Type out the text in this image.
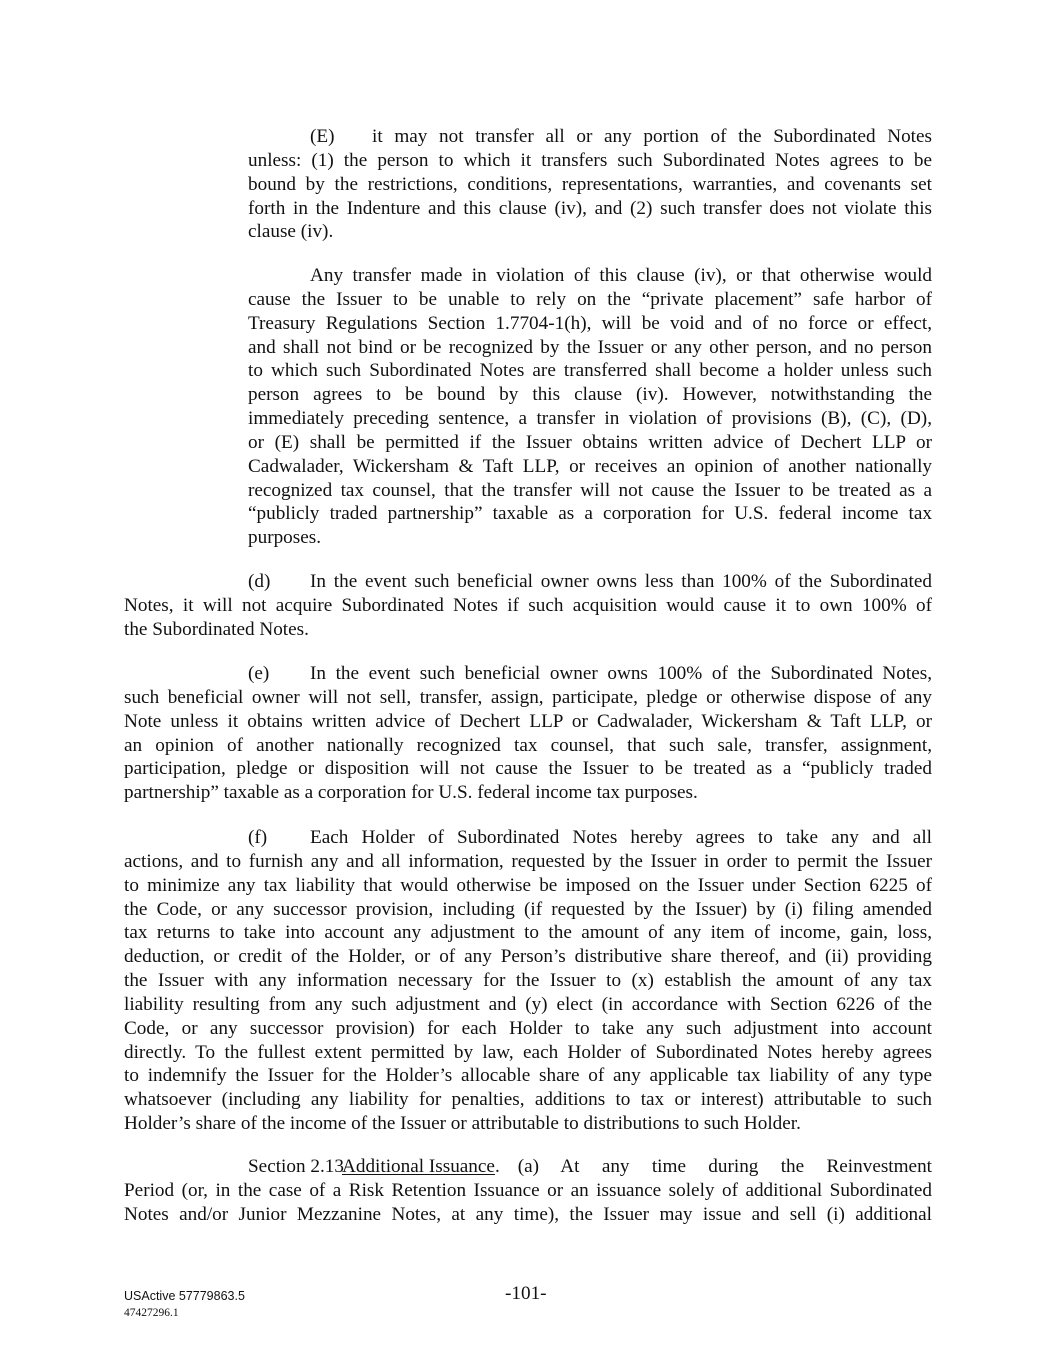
(E)	it may not transfer all or any portion of the Subordinated Notes
unless: (1) the person to which it transfers such Subordinated Notes agrees to be
bound by the restrictions, conditions, representations, warranties, and covenants set
forth in the Indenture and this clause (iv), and (2) such transfer does not violate this
clause (iv).
Any transfer made in violation of this clause (iv), or that otherwise would
cause the Issuer to be unable to rely on the “private placement” safe harbor of
Treasury Regulations Section 1.7704-1(h), will be void and of no force or effect,
and shall not bind or be recognized by the Issuer or any other person, and no person
to which such Subordinated Notes are transferred shall become a holder unless such
person agrees to be bound by this clause (iv). However, notwithstanding the
immediately preceding sentence, a transfer in violation of provisions (B), (C), (D),
or (E) shall be permitted if the Issuer obtains written advice of Dechert LLP or
Cadwalader, Wickersham & Taft LLP, or receives an opinion of another nationally
recognized tax counsel, that the transfer will not cause the Issuer to be treated as a
“publicly traded partnership” taxable as a corporation for U.S. federal income tax
purposes.
(d)	In the event such beneficial owner owns less than 100% of the Subordinated
Notes, it will not acquire Subordinated Notes if such acquisition would cause it to own 100% of
the Subordinated Notes.
(e)	In the event such beneficial owner owns 100% of the Subordinated Notes,
such beneficial owner will not sell, transfer, assign, participate, pledge or otherwise dispose of any
Note unless it obtains written advice of Dechert LLP or Cadwalader, Wickersham & Taft LLP, or
an opinion of another nationally recognized tax counsel, that such sale, transfer, assignment,
participation, pledge or disposition will not cause the Issuer to be treated as a “publicly traded
partnership” taxable as a corporation for U.S. federal income tax purposes.
(f)	Each Holder of Subordinated Notes hereby agrees to take any and all
actions, and to furnish any and all information, requested by the Issuer in order to permit the Issuer
to minimize any tax liability that would otherwise be imposed on the Issuer under Section 6225 of
the Code, or any successor provision, including (if requested by the Issuer) by (i) filing amended
tax returns to take into account any adjustment to the amount of any item of income, gain, loss,
deduction, or credit of the Holder, or of any Person’s distributive share thereof, and (ii) providing
the Issuer with any information necessary for the Issuer to (x) establish the amount of any tax
liability resulting from any such adjustment and (y) elect (in accordance with Section 6226 of the
Code, or any successor provision) for each Holder to take any such adjustment into account
directly. To the fullest extent permitted by law, each Holder of Subordinated Notes hereby agrees
to indemnify the Issuer for the Holder’s allocable share of any applicable tax liability of any type
whatsoever (including any liability for penalties, additions to tax or interest) attributable to such
Holder’s share of the income of the Issuer or attributable to distributions to such Holder.
Section 2.13
Additional Issuance . (a) At any time during the Reinvestment
Period (or, in the case of a Risk Retention Issuance or an issuance solely of additional Subordinated
Notes and/or Junior Mezzanine Notes, at any time), the Issuer may issue and sell (i) additional
USActive 57779863.5
47427296.1
-101-
